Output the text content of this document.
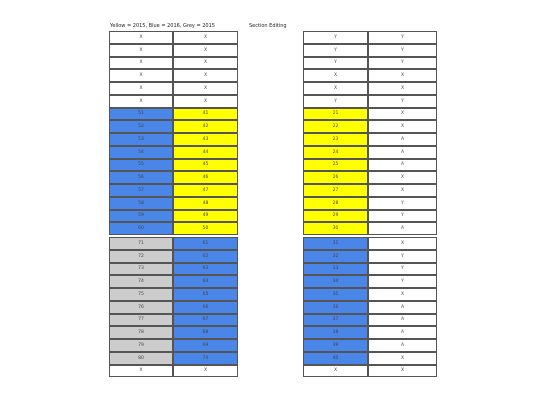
Yellow = 2015, Blue = 2016, Grey = 2015	Section Editing
X	X	Y	Y
X	X	Y	Y
X	X	Y	Y
X	X	X	X
X	X	X	X
X	X	Y	Y
51	41	21	X
52	42	22	X
53	43	23	A
54	44	24	A
55	45	25	A
56	46	26	X
57	47	27	X
58	48	28	Y
59	49	29	Y
60	50	30	A
71	61	31	X
72	62	32	Y
73	63	33	Y
74	64	34	Y
75	65	35	X
76	66	36	A
77	67	37	A
78	68	38	A
79	69	39	A
80	70	40	X
X	X	X	X
